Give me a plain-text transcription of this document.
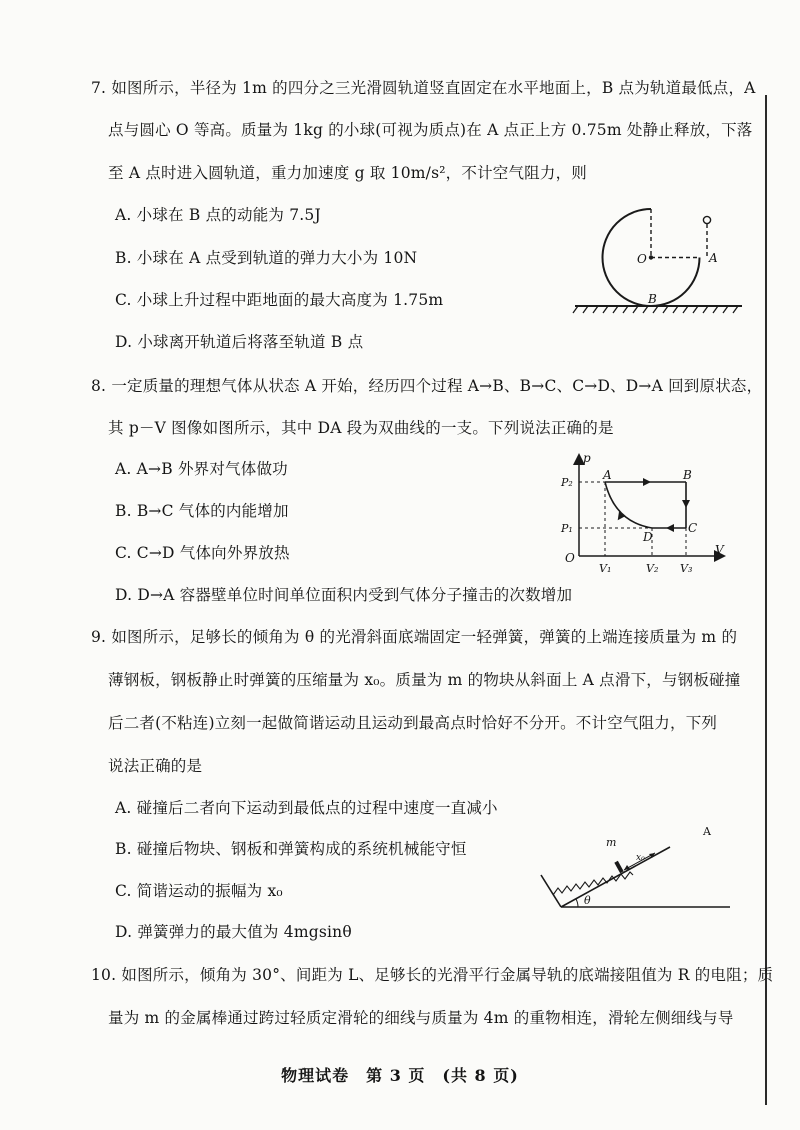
7. 如图所示，半径为 1m 的四分之三光滑圆轨道竖直固定在水平地面上，B 点为轨道最低点，A
点与圆心 O 等高。质量为 1kg 的小球(可视为质点)在 A 点正上方 0.75m 处静止释放，下落
至 A 点时进入圆轨道，重力加速度 g 取 10m/s²，不计空气阻力，则
A. 小球在 B 点的动能为 7.5J
B. 小球在 A 点受到轨道的弹力大小为 10N
C. 小球上升过程中距地面的最大高度为 1.75m
D. 小球离开轨道后将落至轨道 B 点
O	A
B
8. 一定质量的理想气体从状态 A 开始，经历四个过程 A→B、B→C、C→D、D→A 回到原状态，
其 p－V 图像如图所示，其中 DA 段为双曲线的一支。下列说法正确的是
A. A→B 外界对气体做功
B. B→C 气体的内能增加
C. C→D 气体向外界放热
D. D→A 容器壁单位时间单位面积内受到气体分子撞击的次数增加
p
V
O
P₂
P₁
V₁	V₂ V₃
A	B
C
D
9. 如图所示，足够长的倾角为 θ 的光滑斜面底端固定一轻弹簧，弹簧的上端连接质量为 m 的
薄钢板，钢板静止时弹簧的压缩量为 x₀。质量为 m 的物块从斜面上 A 点滑下，与钢板碰撞
后二者(不粘连)立刻一起做简谐运动且运动到最高点时恰好不分开。不计空气阻力，下列
说法正确的是
A. 碰撞后二者向下运动到最低点的过程中速度一直减小
B. 碰撞后物块、钢板和弹簧构成的系统机械能守恒
C. 简谐运动的振幅为 x₀
D. 弹簧弹力的最大值为 4mgsinθ
m
A
x₀
θ
10. 如图所示，倾角为 30°、间距为 L、足够长的光滑平行金属导轨的底端接阻值为 R 的电阻；质
量为 m 的金属棒通过跨过轻质定滑轮的细线与质量为 4m 的重物相连，滑轮左侧细线与导
物理试卷　第 3 页　(共 8 页)
